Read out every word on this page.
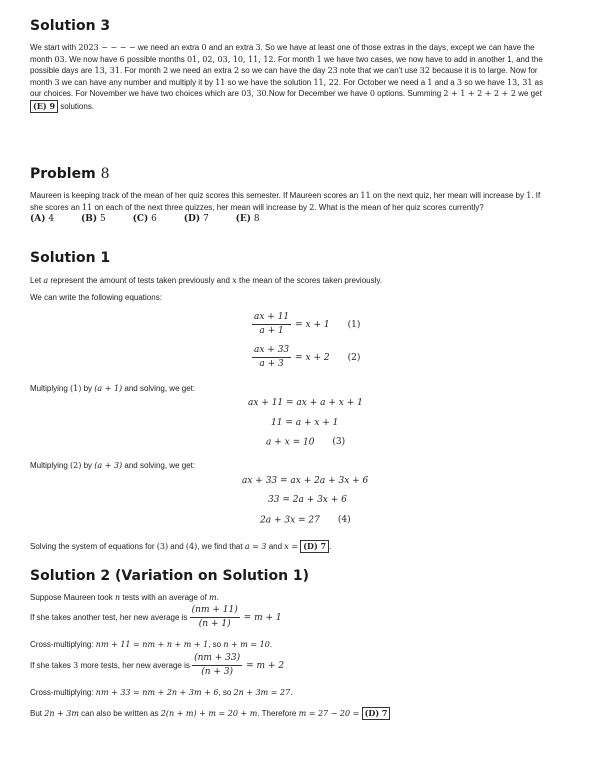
Solution 3

We start with 2023 − − − − we need an extra 0 and an extra 3. So we have at least one of those extras in the days, except we can have the
month 03. We now have 6 possible months 01, 02, 03, 10, 11, 12. For month 1 we have two cases, we now have to add in another 1, and the
possible days are 13, 31. For month 2 we need an extra 2 so we can have the day 23 note that we can't use 32 because it is to large. Now for
month 3 we can have any number and multiply it by 11 so we have the solution 11, 22. For October we need a 1 and a 3 so we have 13, 31 as
our choices. For November we have two choices which are 03, 30.Now for December we have 0 options. Summing 2 + 1 + 2 + 2 + 2 we get
(E) 9 solutions.

Problem 8

Maureen is keeping track of the mean of her quiz scores this semester. If Maureen scores an 11 on the next quiz, her mean will increase by 1. If
she scores an 11 on each of the next three quizzes, her mean will increase by 2. What is the mean of her quiz scores currently?

(A) 4	(B) 5	(C) 6	(D) 7	(E) 8
Solution 1

Let a represent the amount of tests taken previously and x the mean of the scores taken previously.

We can write the following equations:

$\frac{ax + 11}{a + 1} = x + 1$ (1)
$\frac{ax + 33}{a + 3} = x + 2$ (2)

Multiplying (1) by (a + 1) and solving, we get:

ax + 11 = ax + a + x + 1
11 = a + x + 1
a + x = 10 (3)

Multiplying (2) by (a + 3) and solving, we get:

ax + 33 = ax + 2a + 3x + 6
33 = 2a + 3x + 6
2a + 3x = 27 (4)

Solving the system of equations for (3) and (4), we find that a = 3 and x = (D) 7 .

Solution 2 (Variation on Solution 1)

Suppose Maureen took n tests with an average of m.

If she takes another test, her new average is $\frac{(nm + 11)}{(n + 1)} = m + 1$

Cross-multiplying: nm + 11 = nm + n + m + 1, so n + m = 10.

If she takes 3 more tests, her new average is $\frac{(nm + 33)}{(n + 3)} = m + 2$

Cross-multiplying: nm + 33 = nm + 2n + 3m + 6, so 2n + 3m = 27.

But 2n + 3m can also be written as 2(n + m) + m = 20 + m. Therefore m = 27 − 20 = (D) 7
